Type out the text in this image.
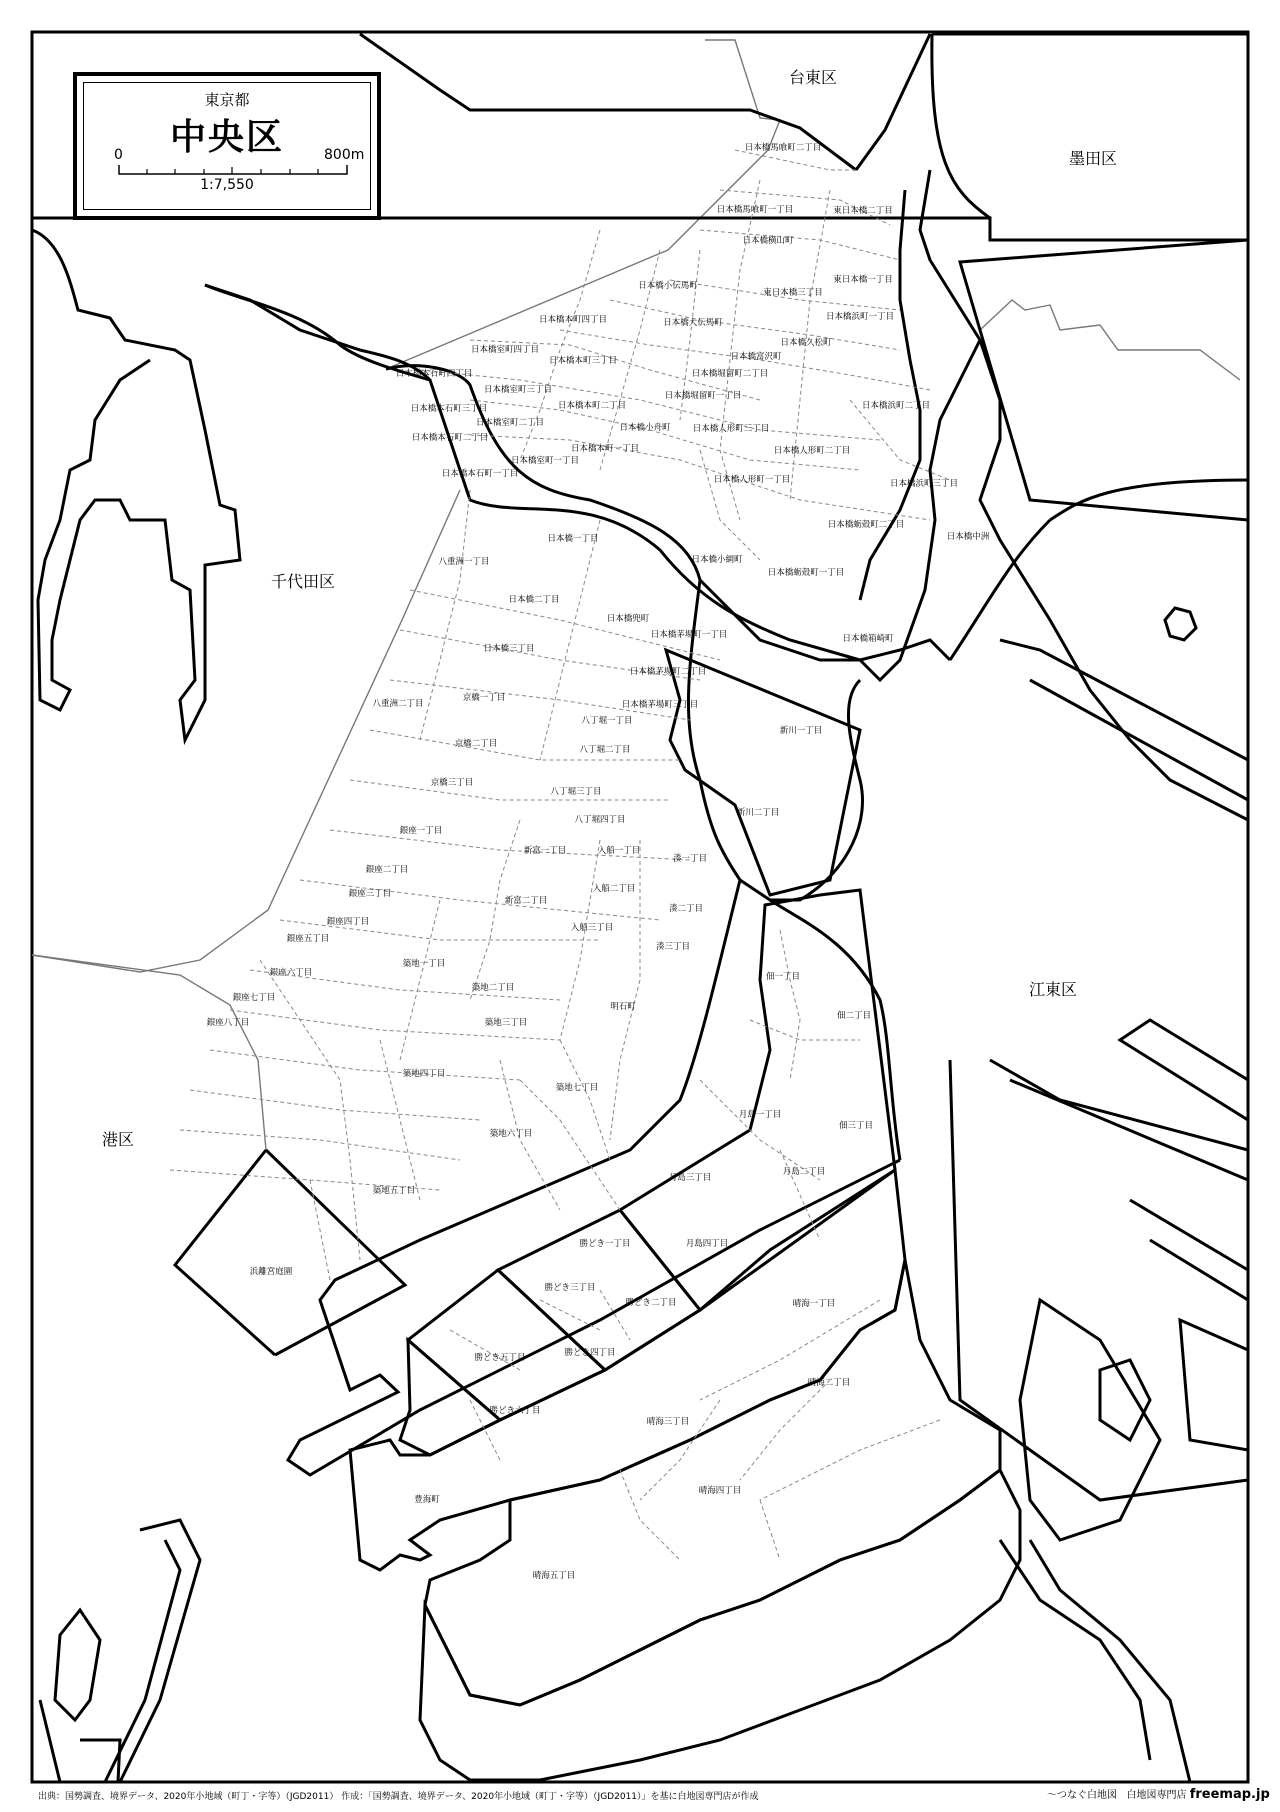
台東区
墨田区
千代田区
江東区
港区
日本橋馬喰町二丁目
日本橋馬喰町一丁目	東日本橋二丁目
日本橋横山町
日本橋小伝馬町
東日本橋三丁目
東日本橋一丁目
日本橋本町四丁目	日本橋大伝馬町
日本橋浜町一丁目
日本橋室町四丁目
日本橋久松町
日本橋本石町四丁目
日本橋本町三丁目	日本橋富沢町
日本橋室町三丁目
日本橋堀留町二丁目
日本橋本石町三丁目	日本橋本町二丁目
日本橋堀留町一丁目
日本橋浜町二丁目
日本橋室町二丁目
日本橋本石町二丁目
日本橋小舟町	日本橋人形町三丁目
日本橋本町一丁目	日本橋人形町二丁目
日本橋室町一丁目
日本橋本石町一丁目
日本橋人形町一丁目	日本橋浜町三丁目
日本橋一丁目
日本橋蛎殻町二丁目
日本橋中洲
八重洲一丁目	日本橋小網町
日本橋蛎殻町一丁目
日本橋二丁目
日本橋兜町
日本橋茅場町一丁目	日本橋箱崎町
日本橋三丁目
日本橋茅場町二丁目
京橋一丁目
八重洲二丁目	日本橋茅場町三丁目
八丁堀一丁目
新川一丁目
京橋二丁目
八丁堀二丁目
京橋三丁目
八丁堀三丁目
八丁堀四丁目
新川二丁目
銀座一丁目
新富一丁目	入船一丁目
湊一丁目
銀座二丁目
入船二丁目
銀座三丁目
新富二丁目
湊二丁目
銀座四丁目
入船三丁目
銀座五丁目
湊三丁目
築地一丁目
銀座六丁目	佃一丁目
築地二丁目
明石町
銀座七丁目
佃二丁目
銀座八丁目	築地三丁目
築地四丁目
築地七丁目
月島一丁目
佃三丁目
築地六丁目
築地五丁目
月島三丁目
月島二丁目
勝どき一丁目	月島四丁目
浜離宮庭園
勝どき三丁目
勝どき二丁目	晴海一丁目
勝どき四丁目
勝どき五丁目
晴海二丁目
勝どき六丁目
晴海三丁目
豊海町
晴海四丁目
晴海五丁目
東京都
中央区
0	800m
1:7,550
出典：国勢調査、境界データ、2020年小地域（町丁・字等）（JGD2011） 作成：「国勢調査、境界データ、2020年小地域（町丁・字等）（JGD2011）」を基に白地図専門店が作成	〜つなぐ白地図 白地図専門店 freemap.jp
